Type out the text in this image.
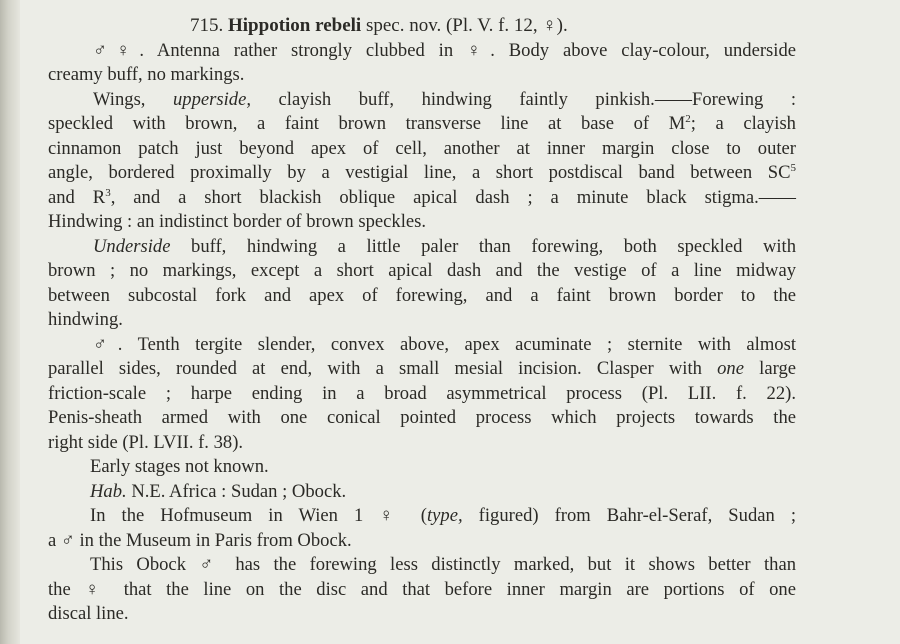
715. Hippotion rebeli spec. nov. (Pl. V. f. 12, ♀).
♂♀. Antenna rather strongly clubbed in ♀. Body above clay-colour, underside
creamy buff, no markings.
Wings, upperside, clayish buff, hindwing faintly pinkish.——Forewing :
speckled with brown, a faint brown transverse line at base of $M^2$; a clayish
cinnamon patch just beyond apex of cell, another at inner margin close to outer
angle, bordered proximally by a vestigial line, a short postdiscal band between $SC^5$
and $R^3$, and a short blackish oblique apical dash ; a minute black stigma.——
Hindwing : an indistinct border of brown speckles.
Underside buff, hindwing a little paler than forewing, both speckled with
brown ; no markings, except a short apical dash and the vestige of a line midway
between subcostal fork and apex of forewing, and a faint brown border to the
hindwing.
♂. Tenth tergite slender, convex above, apex acuminate ; sternite with almost
parallel sides, rounded at end, with a small mesial incision. Clasper with one large
friction-scale ; harpe ending in a broad asymmetrical process (Pl. LII. f. 22).
Penis-sheath armed with one conical pointed process which projects towards the
right side (Pl. LVII. f. 38).
Early stages not known.
Hab. N.E. Africa : Sudan ; Obock.
In the Hofmuseum in Wien 1 ♀ (type, figured) from Bahr-el-Seraf, Sudan ;
a ♂ in the Museum in Paris from Obock.
This Obock ♂ has the forewing less distinctly marked, but it shows better than
the ♀ that the line on the disc and that before inner margin are portions of one
discal line.
